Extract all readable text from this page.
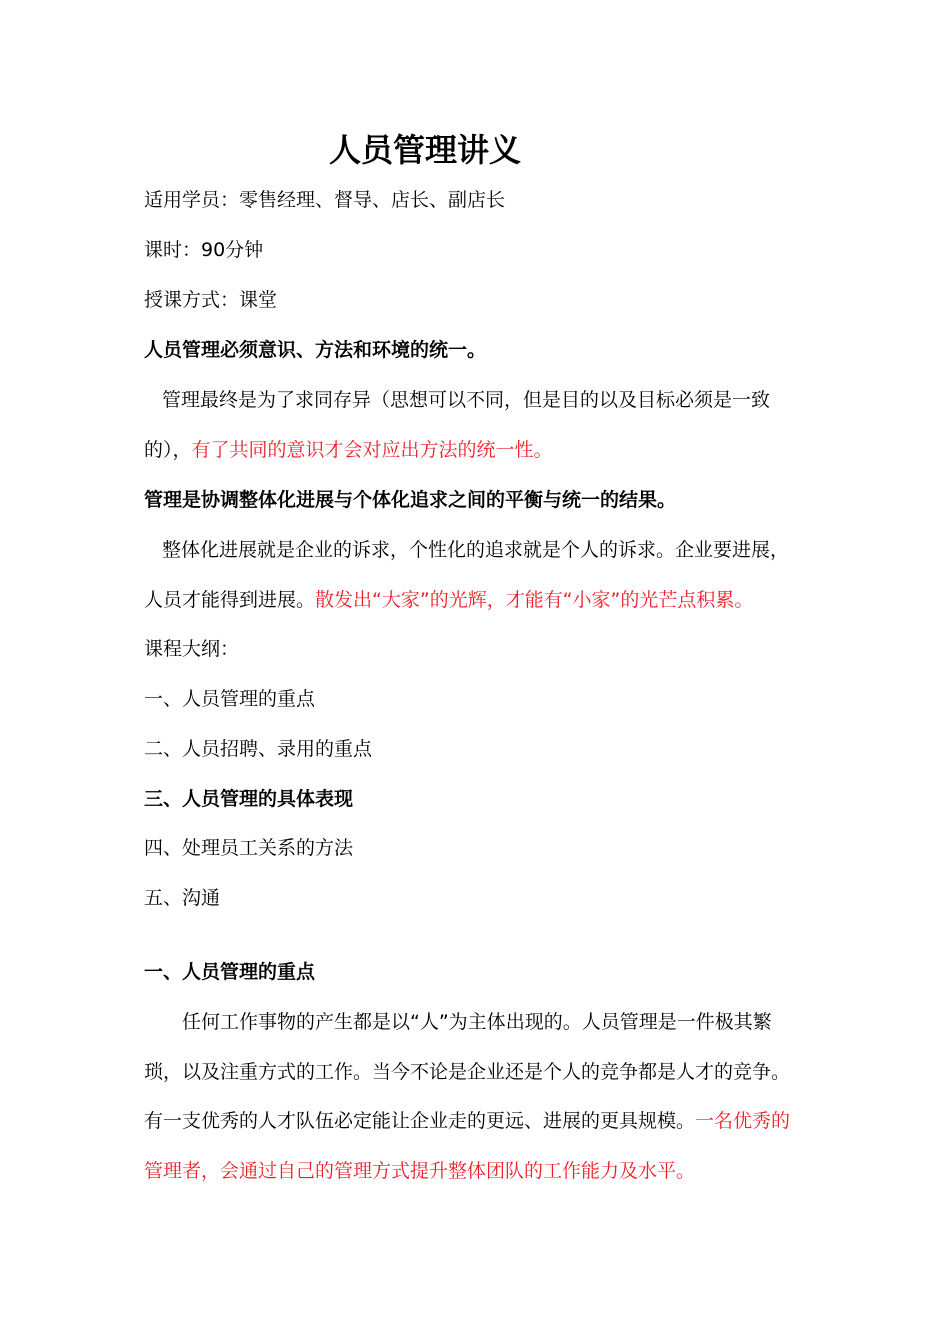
人员管理讲义
适用学员：零售经理、督导、店长、副店长
课时：90分钟
授课方式：课堂
人员管理必须意识、方法和环境的统一。
管理最终是为了求同存异（思想可以不同，但是目的以及目标必须是一致
的），有了共同的意识才会对应出方法的统一性。
管理是协调整体化进展与个体化追求之间的平衡与统一的结果。
整体化进展就是企业的诉求，个性化的追求就是个人的诉求。企业要进展，
人员才能得到进展。散发出“大家”的光辉，才能有“小家”的光芒点积累。
课程大纲：
一、人员管理的重点
二、人员招聘、录用的重点
三、人员管理的具体表现
四、处理员工关系的方法
五、沟通
一、人员管理的重点
任何工作事物的产生都是以“人”为主体出现的。人员管理是一件极其繁
琐，以及注重方式的工作。当今不论是企业还是个人的竞争都是人才的竞争。
有一支优秀的人才队伍必定能让企业走的更远、进展的更具规模。一名优秀的
管理者，会通过自己的管理方式提升整体团队的工作能力及水平。
